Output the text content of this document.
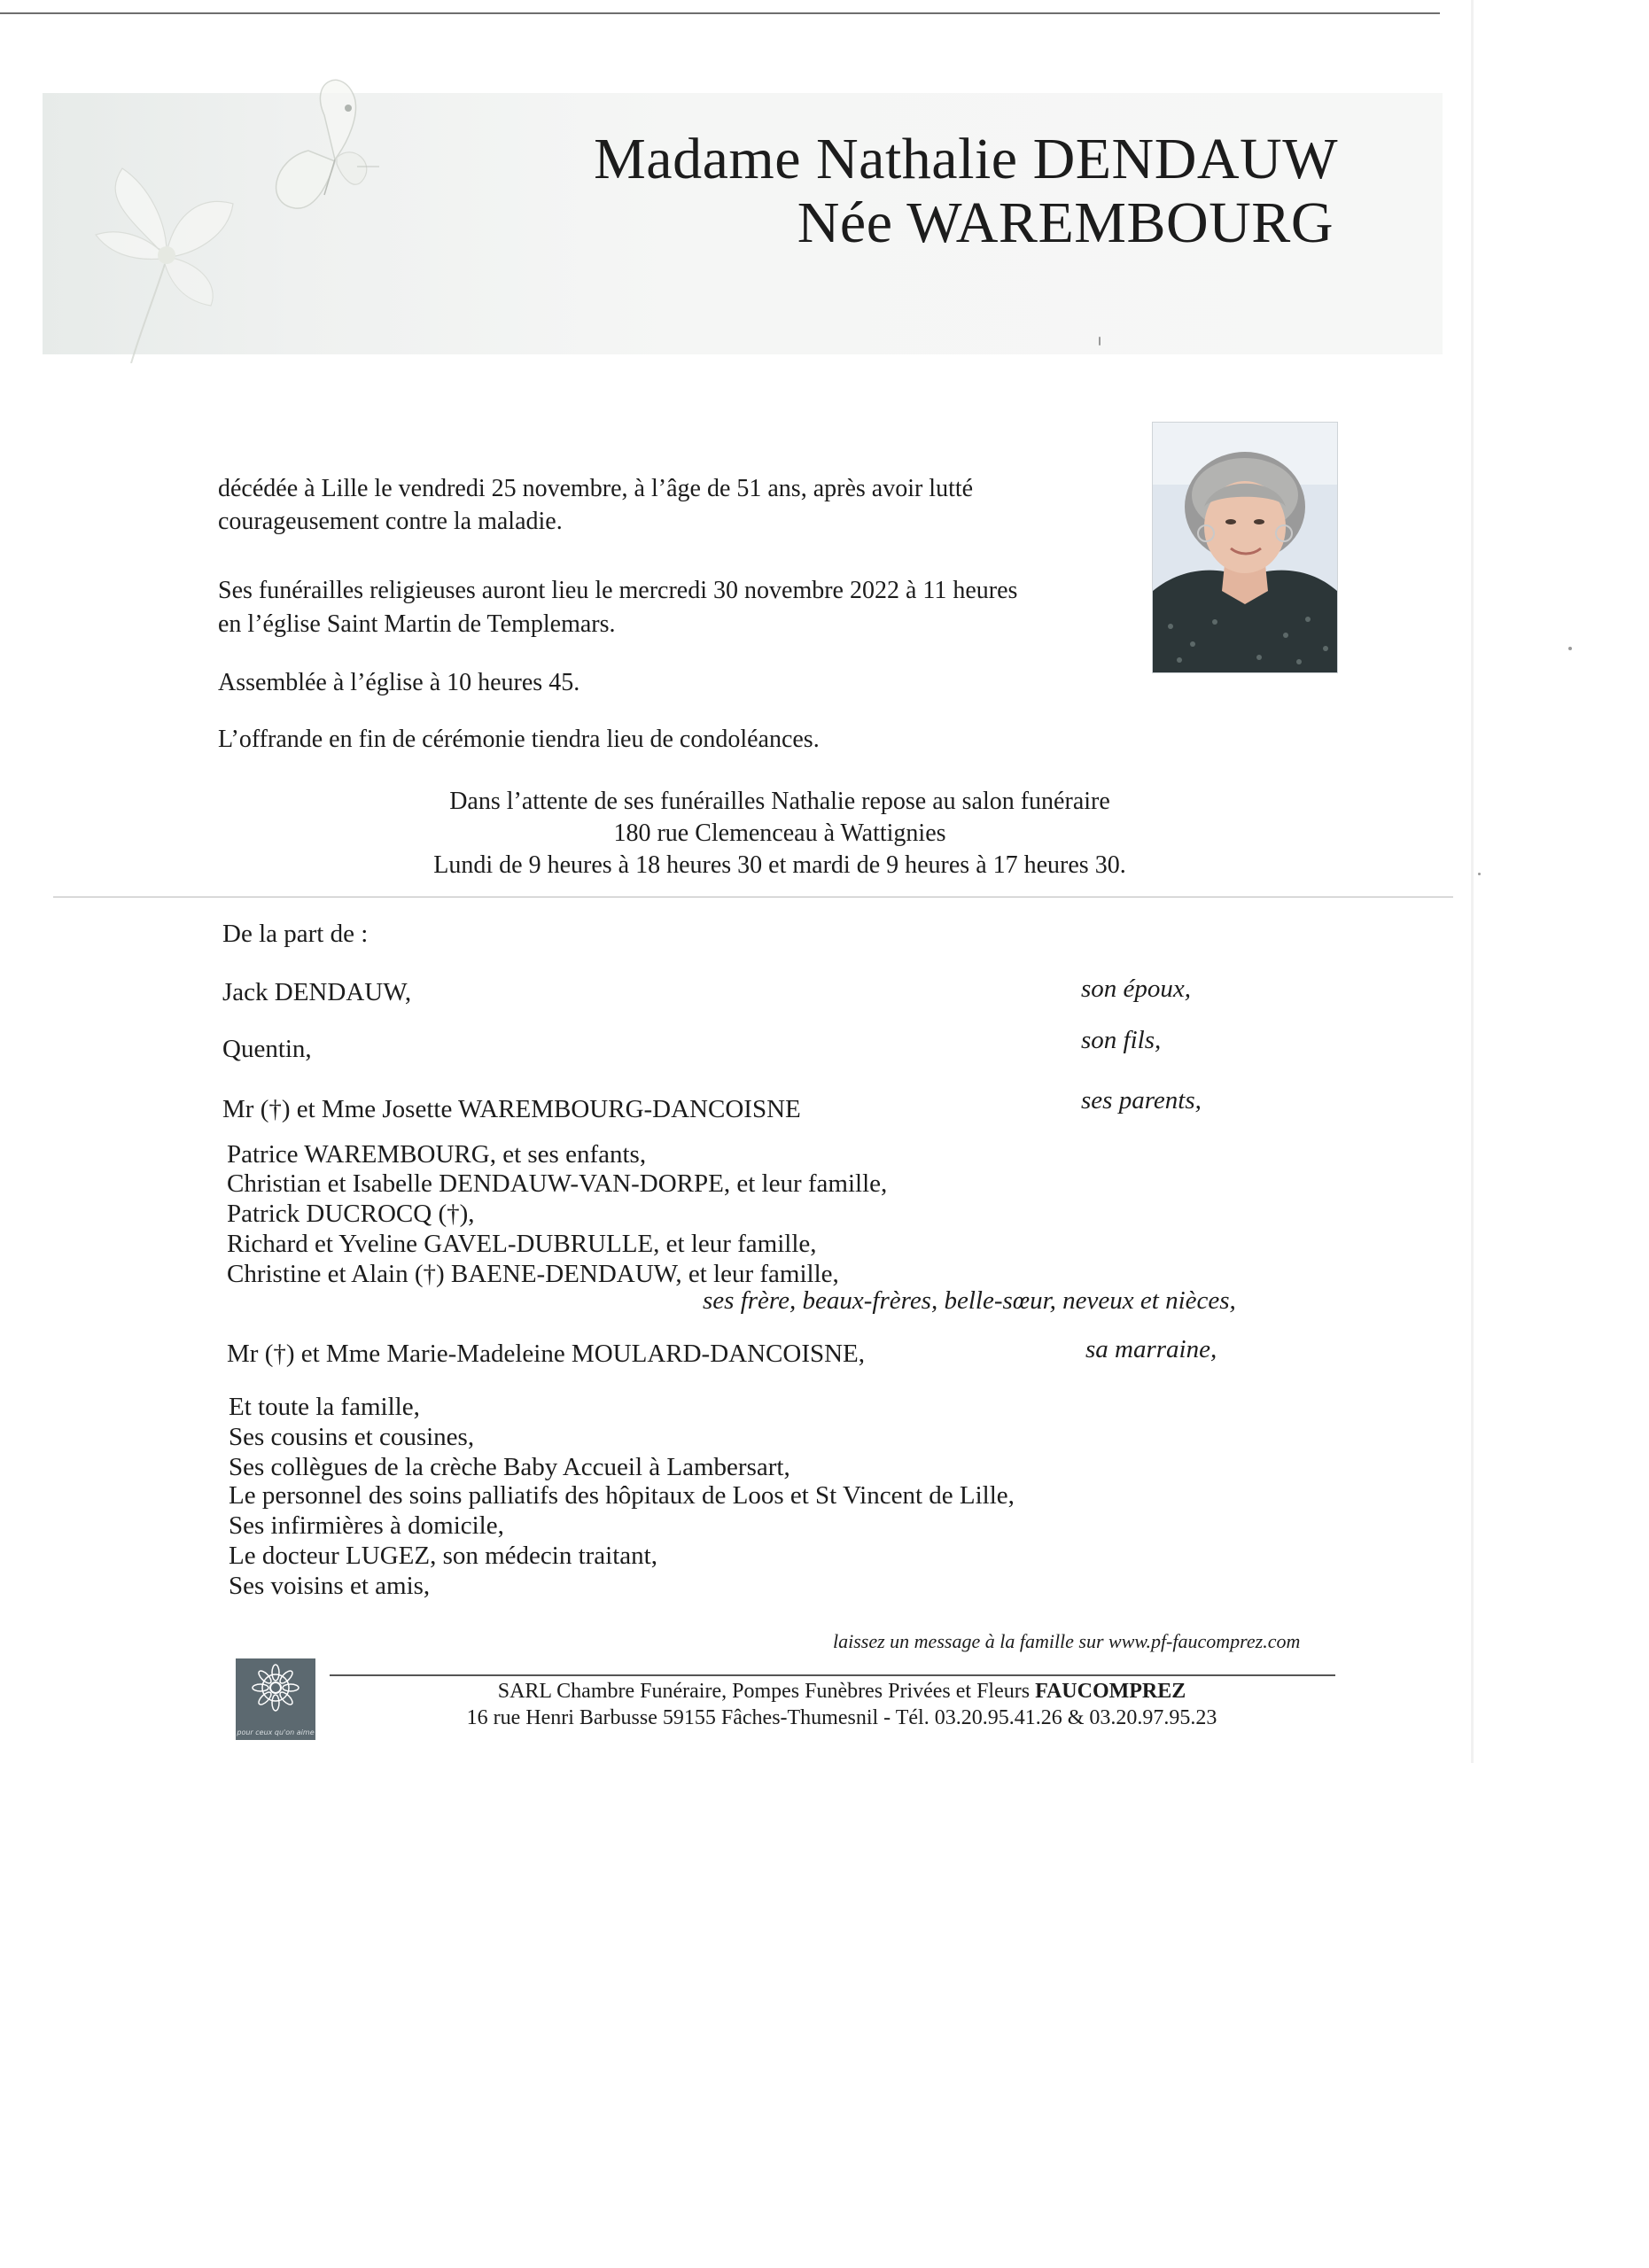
Madame Nathalie DENDAUW
Née WAREMBOURG
décédée à Lille le vendredi 25 novembre, à l’âge de 51 ans, après avoir lutté
courageusement contre la maladie.
Ses funérailles religieuses auront lieu le mercredi 30 novembre 2022 à 11 heures
en l’église Saint Martin de Templemars.
Assemblée à l’église à 10 heures 45.
L’offrande en fin de cérémonie tiendra lieu de condoléances.
Dans l’attente de ses funérailles Nathalie repose au salon funéraire
180 rue Clemenceau à Wattignies
Lundi de 9 heures à 18 heures 30 et mardi de 9 heures à 17 heures 30.
De la part de :
Jack DENDAUW,	son époux,
Quentin,	son fils,
Mr (†) et Mme Josette WAREMBOURG-DANCOISNE	ses parents,
Patrice WAREMBOURG, et ses enfants,
Christian et Isabelle DENDAUW-VAN-DORPE, et leur famille,
Patrick DUCROCQ (†),
Richard et Yveline GAVEL-DUBRULLE, et leur famille,
Christine et Alain (†) BAENE-DENDAUW, et leur famille,
ses frère, beaux-frères, belle-sœur, neveux et nièces,
Mr (†) et Mme Marie-Madeleine MOULARD-DANCOISNE,	sa marraine,
Et toute la famille,
Ses cousins et cousines,
Ses collègues de la crèche Baby Accueil à Lambersart,
Le personnel des soins palliatifs des hôpitaux de Loos et St Vincent de Lille,
Ses infirmières à domicile,
Le docteur LUGEZ, son médecin traitant,
Ses voisins et amis,
laissez un message à la famille sur www.pf-faucomprez.com
pour ceux qu'on aime
SARL Chambre Funéraire, Pompes Funèbres Privées et Fleurs FAUCOMPREZ
16 rue Henri Barbusse 59155 Fâches-Thumesnil - Tél. 03.20.95.41.26 & 03.20.97.95.23
